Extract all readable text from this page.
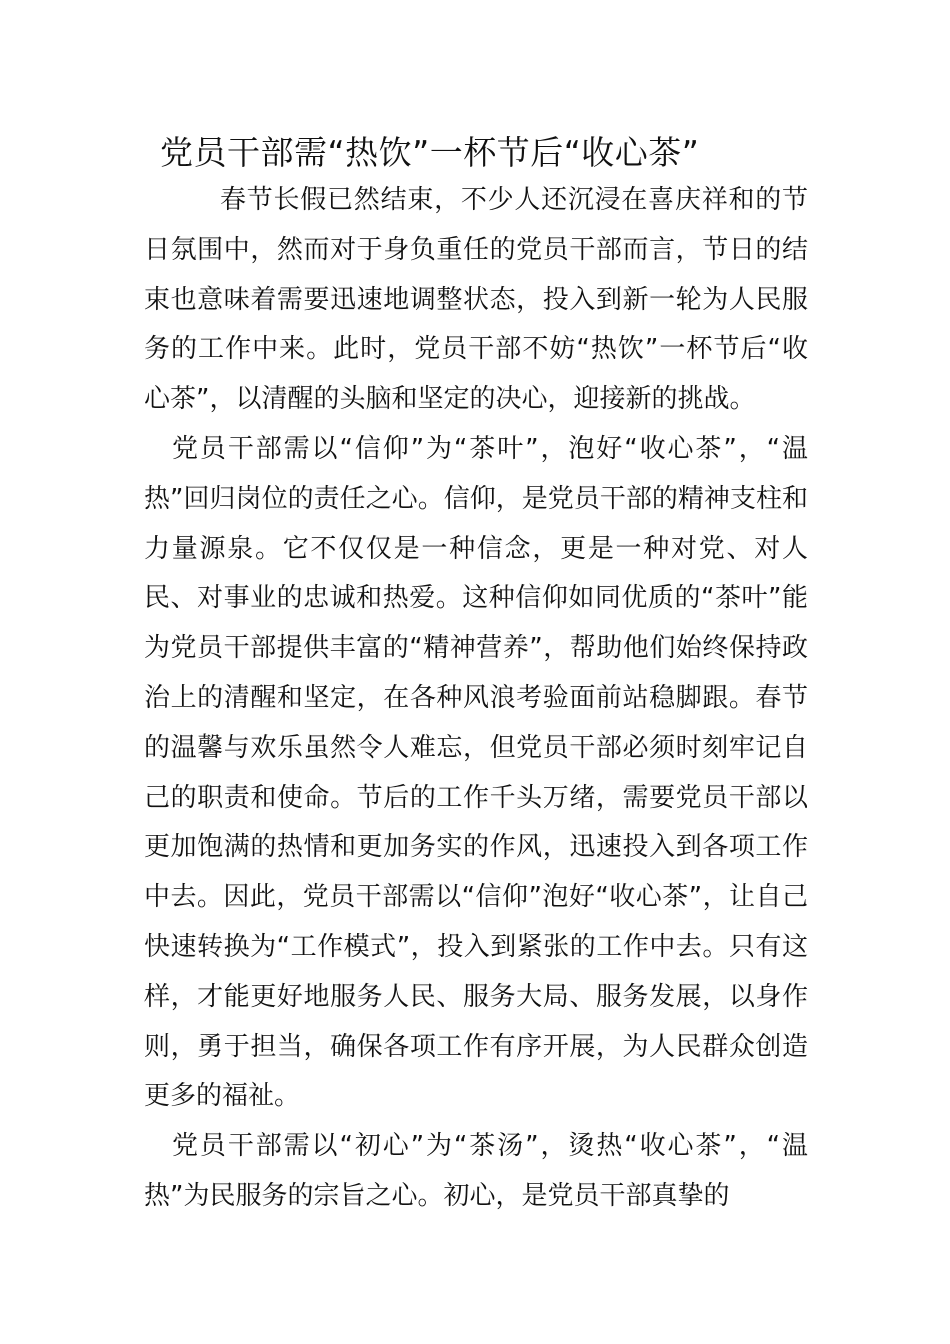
党员干部需“热饮”一杯节后“收心茶”

春节长假已然结束，不少人还沉浸在喜庆祥和的节日氛围中，然而对于身负重任的党员干部而言，节日的结束也意味着需要迅速地调整状态，投入到新一轮为人民服务的工作中来。此时，党员干部不妨“热饮”一杯节后“收心茶”，以清醒的头脑和坚定的决心，迎接新的挑战。

党员干部需以“信仰”为“茶叶”，泡好“收心茶”，“温热”回归岗位的责任之心。信仰，是党员干部的精神支柱和力量源泉。它不仅仅是一种信念，更是一种对党、对人民、对事业的忠诚和热爱。这种信仰如同优质的“茶叶”能为党员干部提供丰富的“精神营养”，帮助他们始终保持政治上的清醒和坚定，在各种风浪考验面前站稳脚跟。春节的温馨与欢乐虽然令人难忘，但党员干部必须时刻牢记自己的职责和使命。节后的工作千头万绪，需要党员干部以更加饱满的热情和更加务实的作风，迅速投入到各项工作中去。因此，党员干部需以“信仰”泡好“收心茶”，让自己快速转换为“工作模式”，投入到紧张的工作中去。只有这样，才能更好地服务人民、服务大局、服务发展，以身作则，勇于担当，确保各项工作有序开展，为人民群众创造更多的福祉。

党员干部需以“初心”为“茶汤”，烫热“收心茶”，“温热”为民服务的宗旨之心。初心，是党员干部真挚的
